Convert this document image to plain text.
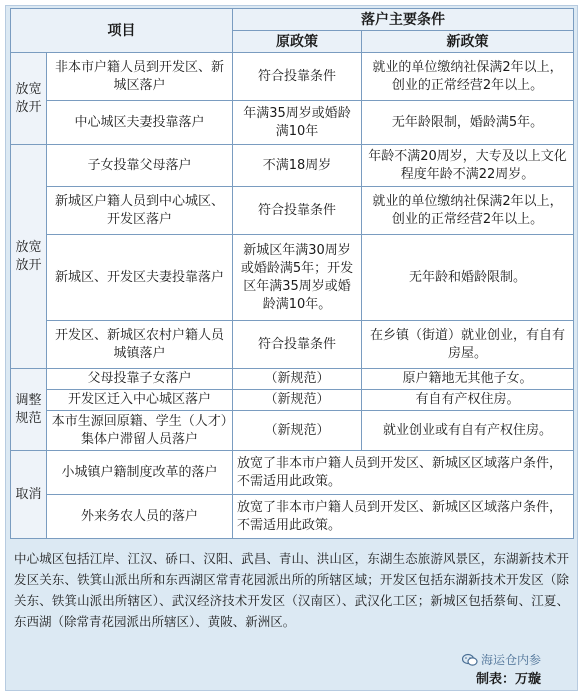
项目		落户主要条件	
		原政策	新政策
放宽放开	非本市户籍人员到开发区、新城区落户	符合投靠条件	就业的单位缴纳社保满2年以上，创业的正常经营2年以上。
	中心城区夫妻投靠落户	年满35周岁或婚龄满10年	无年龄限制，婚龄满5年。
放宽放开	子女投靠父母落户	不满18周岁	年龄不满20周岁，大专及以上文化程度年龄不满22周岁。
	新城区户籍人员到中心城区、开发区落户	符合投靠条件	就业的单位缴纳社保满2年以上，创业的正常经营2年以上。
	新城区、开发区夫妻投靠落户	新城区年满30周岁或婚龄满5年；开发区年满35周岁或婚龄满10年。	无年龄和婚龄限制。
	开发区、新城区农村户籍人员城镇落户	符合投靠条件	在乡镇（街道）就业创业，有自有房屋。
调整规范	父母投靠子女落户	（新规范）	原户籍地无其他子女。
	开发区迁入中心城区落户	（新规范）	有自有产权住房。
	本市生源回原籍、学生（人才）集体户滞留人员落户	（新规范）	就业创业或有自有产权住房。
取消	小城镇户籍制度改革的落户	放宽了非本市户籍人员到开发区、新城区区域落户条件，不需适用此政策。	
	外来务农人员的落户	放宽了非本市户籍人员到开发区、新城区区域落户条件，不需适用此政策。	
中心城区包括江岸、江汉、硚口、汉阳、武昌、青山、洪山区，东湖生态旅游风景区，东湖新技术开发区关东、铁箕山派出所和东西湖区常青花园派出所的所辖区域；开发区包括东湖新技术开发区（除关东、铁箕山派出所辖区）、武汉经济技术开发区（汉南区）、武汉化工区；新城区包括蔡甸、江夏、东西湖（除常青花园派出所辖区）、黄陂、新洲区。
海运仓内参
制表：万璇
